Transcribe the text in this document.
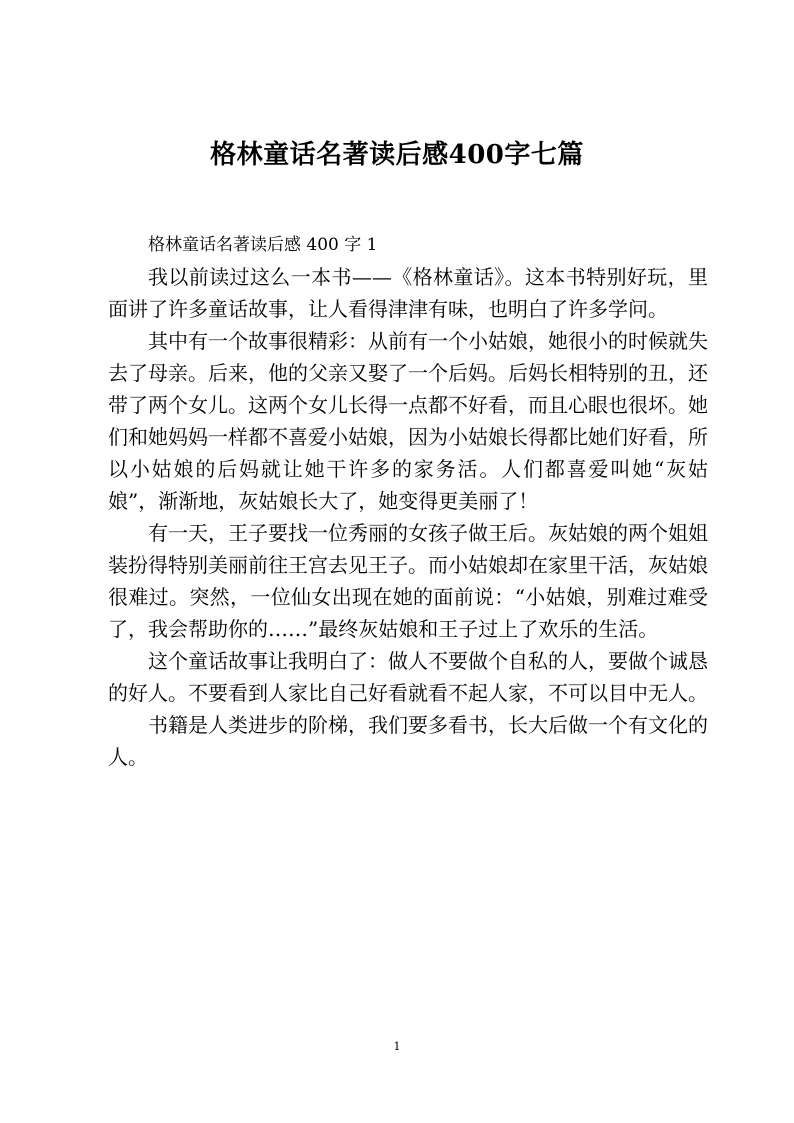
格林童话名著读后感400字七篇

格林童话名著读后感 400 字 1

我以前读过这么一本书——《格林童话》。这本书特别好玩，里面讲了许多童话故事，让人看得津津有味，也明白了许多学问。

其中有一个故事很精彩：从前有一个小姑娘，她很小的时候就失去了母亲。后来，他的父亲又娶了一个后妈。后妈长相特别的丑，还带了两个女儿。这两个女儿长得一点都不好看，而且心眼也很坏。她们和她妈妈一样都不喜爱小姑娘，因为小姑娘长得都比她们好看，所以小姑娘的后妈就让她干许多的家务活。人们都喜爱叫她“灰姑娘”，渐渐地，灰姑娘长大了，她变得更美丽了！

有一天，王子要找一位秀丽的女孩子做王后。灰姑娘的两个姐姐装扮得特别美丽前往王宫去见王子。而小姑娘却在家里干活，灰姑娘很难过。突然，一位仙女出现在她的面前说：“小姑娘，别难过难受了，我会帮助你的……”最终灰姑娘和王子过上了欢乐的生活。

这个童话故事让我明白了：做人不要做个自私的人，要做个诚恳的好人。不要看到人家比自己好看就看不起人家，不可以目中无人。

书籍是人类进步的阶梯，我们要多看书，长大后做一个有文化的人。

1
